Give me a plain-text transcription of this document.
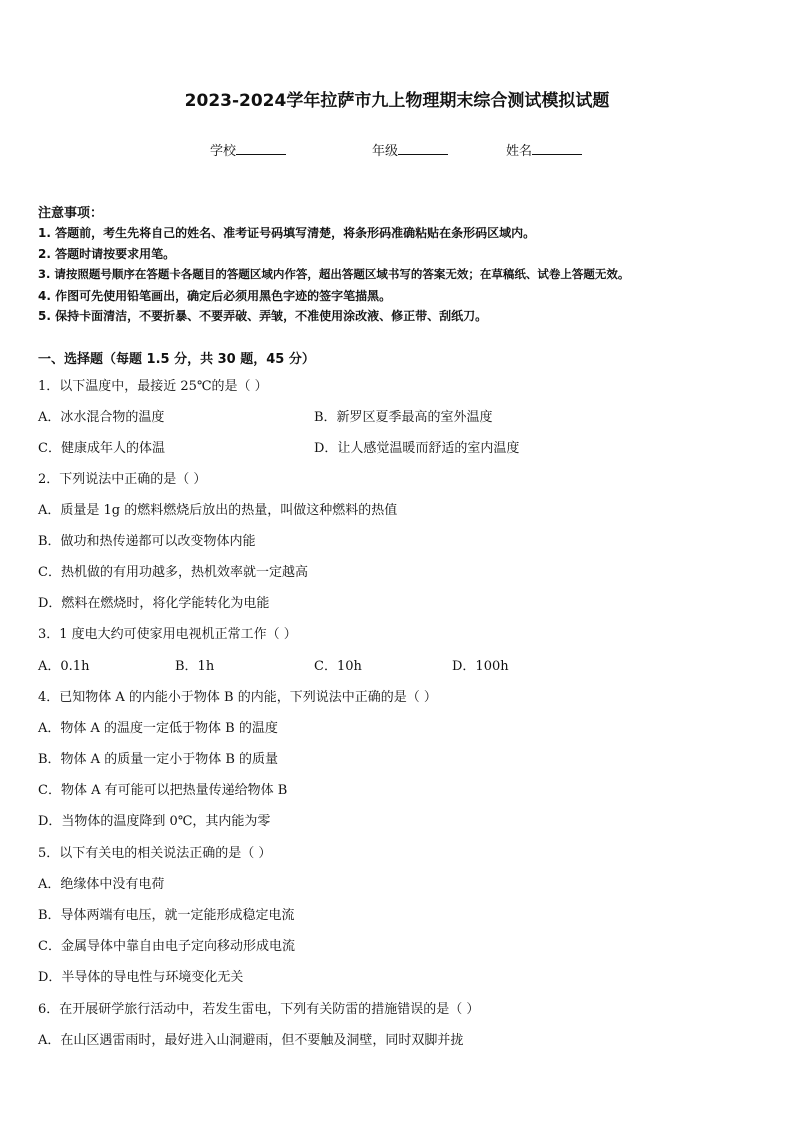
2023-2024学年拉萨市九上物理期末综合测试模拟试题
学校	年级	姓名
注意事项：
1. 答题前，考生先将自己的姓名、准考证号码填写清楚，将条形码准确粘贴在条形码区域内。
2. 答题时请按要求用笔。
3. 请按照题号顺序在答题卡各题目的答题区域内作答，超出答题区域书写的答案无效；在草稿纸、试卷上答题无效。
4. 作图可先使用铅笔画出，确定后必须用黑色字迹的签字笔描黑。
5. 保持卡面清洁，不要折暴、不要弄破、弄皱，不准使用涂改液、修正带、刮纸刀。
一、选择题（每题 1.5 分，共 30 题，45 分）
1．以下温度中，最接近 25℃的是（ ）
A．冰水混合物的温度	B．新罗区夏季最高的室外温度
C．健康成年人的体温	D．让人感觉温暖而舒适的室内温度
2．下列说法中正确的是（ ）
A．质量是 1g 的燃料燃烧后放出的热量，叫做这种燃料的热值
B．做功和热传递都可以改变物体内能
C．热机做的有用功越多，热机效率就一定越高
D．燃料在燃烧时，将化学能转化为电能
3．1 度电大约可使家用电视机正常工作（ ）
A．0.1h	B．1h	C．10h	D．100h
4．已知物体 A 的内能小于物体 B 的内能，下列说法中正确的是（ ）
A．物体 A 的温度一定低于物体 B 的温度
B．物体 A 的质量一定小于物体 B 的质量
C．物体 A 有可能可以把热量传递给物体 B
D．当物体的温度降到 0℃，其内能为零
5．以下有关电的相关说法正确的是（ ）
A．绝缘体中没有电荷
B．导体两端有电压，就一定能形成稳定电流
C．金属导体中靠自由电子定向移动形成电流
D．半导体的导电性与环境变化无关
6．在开展研学旅行活动中，若发生雷电，下列有关防雷的措施错误的是（ ）
A．在山区遇雷雨时，最好进入山洞避雨，但不要触及洞壁，同时双脚并拢
